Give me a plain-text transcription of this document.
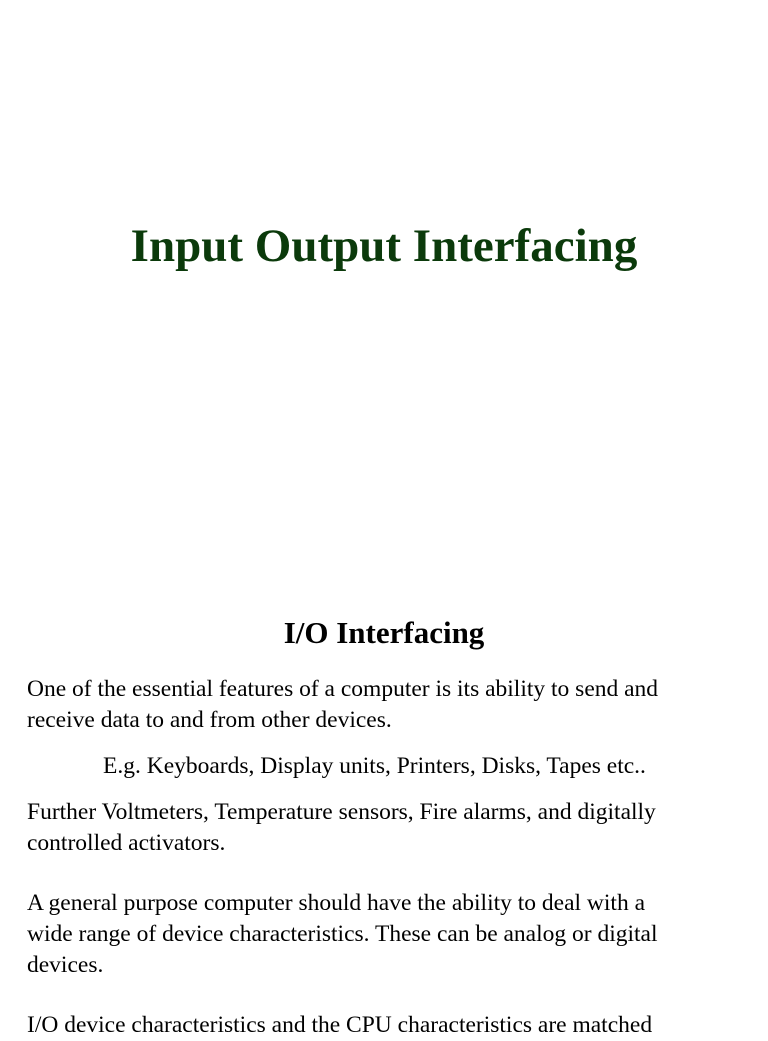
Input Output Interfacing
I/O Interfacing

One of the essential features of a computer is its ability to send and
receive data to and from other devices.

E.g. Keyboards, Display units, Printers, Disks, Tapes etc..

Further Voltmeters, Temperature sensors, Fire alarms, and digitally
controlled activators.

A general purpose computer should have the ability to deal with a
wide range of device characteristics. These can be analog or digital
devices.

I/O device characteristics and the CPU characteristics are matched
